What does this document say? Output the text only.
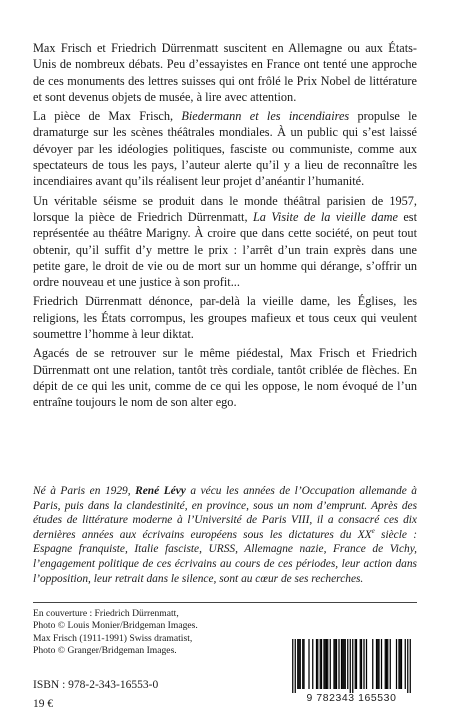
Max Frisch et Friedrich Dürrenmatt suscitent en Allemagne ou aux États-Unis de nombreux débats. Peu d’essayistes en France ont tenté une approche de ces monuments des lettres suisses qui ont frôlé le Prix Nobel de littérature et sont devenus objets de musée, à lire avec attention.

La pièce de Max Frisch, Biedermann et les incendiaires propulse le dramaturge sur les scènes théâtrales mondiales. À un public qui s’est laissé dévoyer par les idéologies politiques, fasciste ou communiste, comme aux spectateurs de tous les pays, l’auteur alerte qu’il y a lieu de reconnaître les incendiaires avant qu’ils réalisent leur projet d’anéantir l’humanité.

Un véritable séisme se produit dans le monde théâtral parisien de 1957, lorsque la pièce de Friedrich Dürrenmatt, La Visite de la vieille dame est représentée au théâtre Marigny. À croire que dans cette société, on peut tout obtenir, qu’il suffit d’y mettre le prix : l’arrêt d’un train exprès dans une petite gare, le droit de vie ou de mort sur un homme qui dérange, s’offrir un ordre nouveau et une justice à son profit...

Friedrich Dürrenmatt dénonce, par-delà la vieille dame, les Églises, les religions, les États corrompus, les groupes mafieux et tous ceux qui veulent soumettre l’homme à leur diktat.

Agacés de se retrouver sur le même piédestal, Max Frisch et Friedrich Dürrenmatt ont une relation, tantôt très cordiale, tantôt criblée de flèches. En dépit de ce qui les unit, comme de ce qui les oppose, le nom évoqué de l’un entraîne toujours le nom de son alter ego.

Né à Paris en 1929, René Lévy a vécu les années de l’Occupation allemande à Paris, puis dans la clandestinité, en province, sous un nom d’emprunt. Après des études de littérature moderne à l’Université de Paris VIII, il a consacré ces dix dernières années aux écrivains européens sous les dictatures du XXe siècle : Espagne franquiste, Italie fasciste, URSS, Allemagne nazie, France de Vichy, l’engagement politique de ces écrivains au cours de ces périodes, leur action dans l’opposition, leur retrait dans le silence, sont au cœur de ses recherches.

En couverture : Friedrich Dürrenmatt,
Photo © Louis Monier/Bridgeman Images.
Max Frisch (1911-1991) Swiss dramatist,
Photo © Granger/Bridgeman Images.
ISBN : 978-2-343-16553-0
19 €	9 782343 165530
